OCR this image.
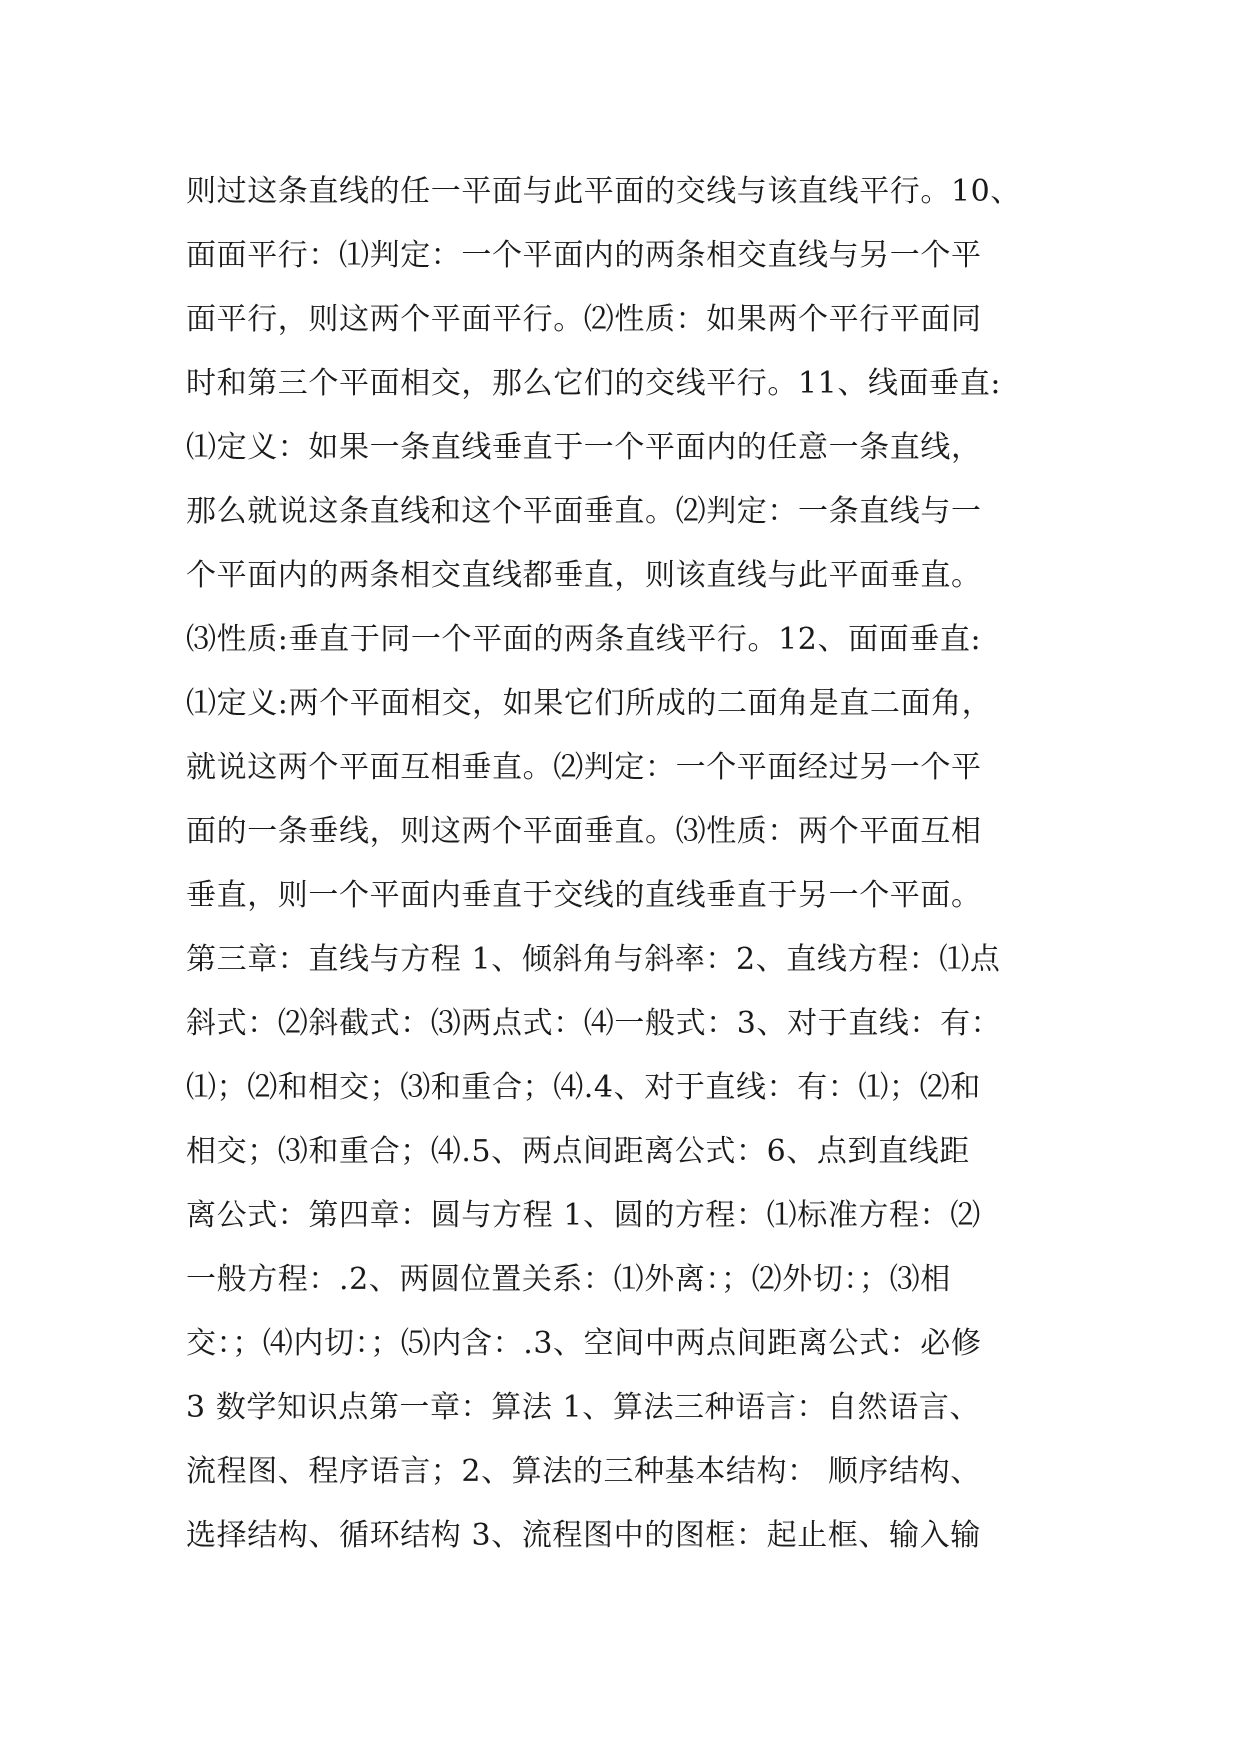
则过这条直线的任一平面与此平面的交线与该直线平行。10、
面面平行：⑴判定：一个平面内的两条相交直线与另一个平
面平行，则这两个平面平行。⑵性质：如果两个平行平面同
时和第三个平面相交，那么它们的交线平行。11、线面垂直:
⑴定义：如果一条直线垂直于一个平面内的任意一条直线，
那么就说这条直线和这个平面垂直。⑵判定：一条直线与一
个平面内的两条相交直线都垂直，则该直线与此平面垂直。
⑶性质:垂直于同一个平面的两条直线平行。12、面面垂直:
⑴定义:两个平面相交，如果它们所成的二面角是直二面角，
就说这两个平面互相垂直。⑵判定：一个平面经过另一个平
面的一条垂线，则这两个平面垂直。⑶性质：两个平面互相
垂直，则一个平面内垂直于交线的直线垂直于另一个平面。
第三章：直线与方程 1、倾斜角与斜率：2、直线方程：⑴点
斜式：⑵斜截式：⑶两点式：⑷一般式：3、对于直线：有：
⑴；⑵和相交；⑶和重合；⑷.4、对于直线：有：⑴；⑵和
相交；⑶和重合；⑷.5、两点间距离公式：6、点到直线距
离公式：第四章：圆与方程 1、圆的方程：⑴标准方程：⑵
一般方程：.2、两圆位置关系：⑴外离：；⑵外切：；⑶相
交：；⑷内切：；⑸内含：.3、空间中两点间距离公式：必修
3 数学知识点第一章：算法 1、算法三种语言：自然语言、
流程图、程序语言；2、算法的三种基本结构： 顺序结构、
选择结构、循环结构 3、流程图中的图框：起止框、输入输
